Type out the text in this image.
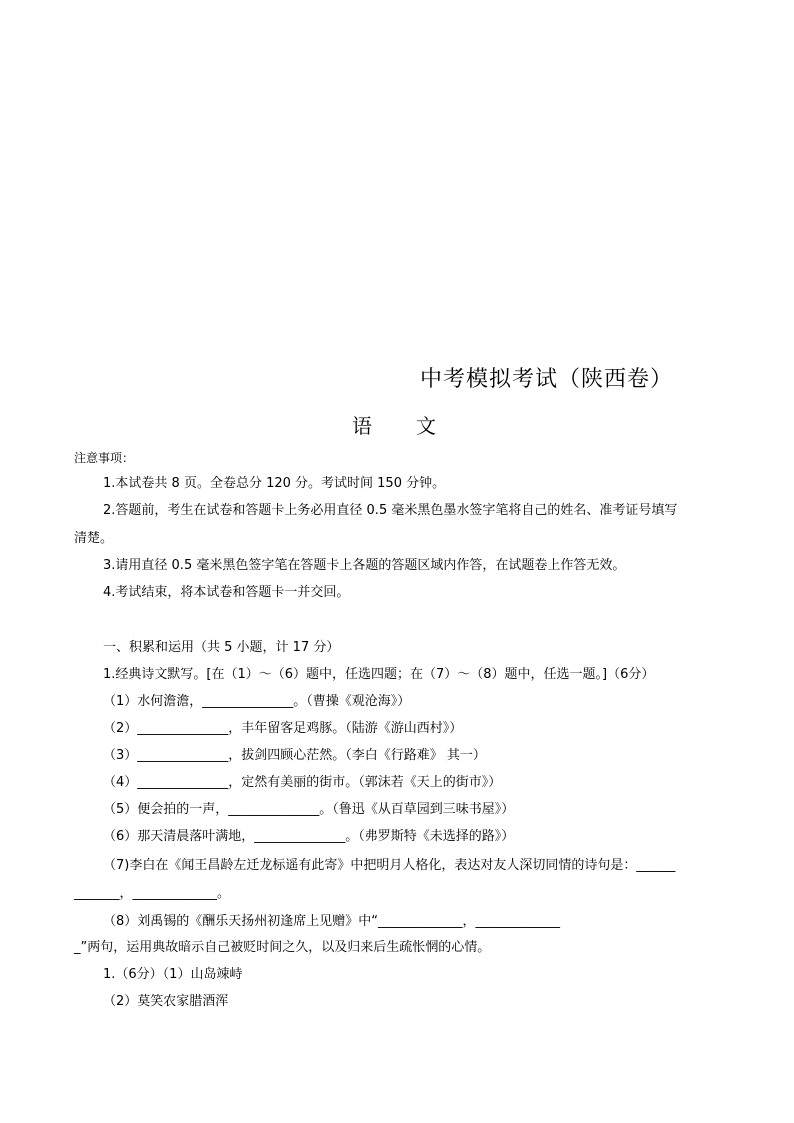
中考模拟考试（陕西卷）
语 文
注意事项：
1.本试卷共 8 页。全卷总分 120 分。考试时间 150 分钟。
2.答题前，考生在试卷和答题卡上务必用直径 0.5 毫米黑色墨水签字笔将自己的姓名、准考证号填写
清楚。
3.请用直径 0.5 毫米黑色签字笔在答题卡上各题的答题区域内作答，在试题卷上作答无效。
4.考试结束，将本试卷和答题卡一并交回。
一、积累和运用（共 5 小题，计 17 分）
1.经典诗文默写。[在（1）～（6）题中，任选四题；在（7）～（8）题中，任选一题。]（6分）
（1）水何澹澹，______________。（曹操《观沧海》）
（2）______________，丰年留客足鸡豚。（陆游《游山西村》）
（3）______________，拔剑四顾心茫然。（李白《行路难》 其一）
（4）______________，定然有美丽的街市。（郭沫若《天上的街市》）
（5）便会拍的一声，______________。（鲁迅《从百草园到三味书屋》）
（6）那天清晨落叶满地，______________。（弗罗斯特《未选择的路》）
（7)李白在《闻王昌龄左迁龙标遥有此寄》中把明月人格化，表达对友人深切同情的诗句是：______
_______，_____________。
（8）刘禹锡的《酬乐天扬州初逢席上见赠》中“_____________，_____________
_”两句，运用典故暗示自己被贬时间之久，以及归来后生疏怅惘的心情。
1.（6分）（1）山岛竦峙
（2）莫笑农家腊酒浑
